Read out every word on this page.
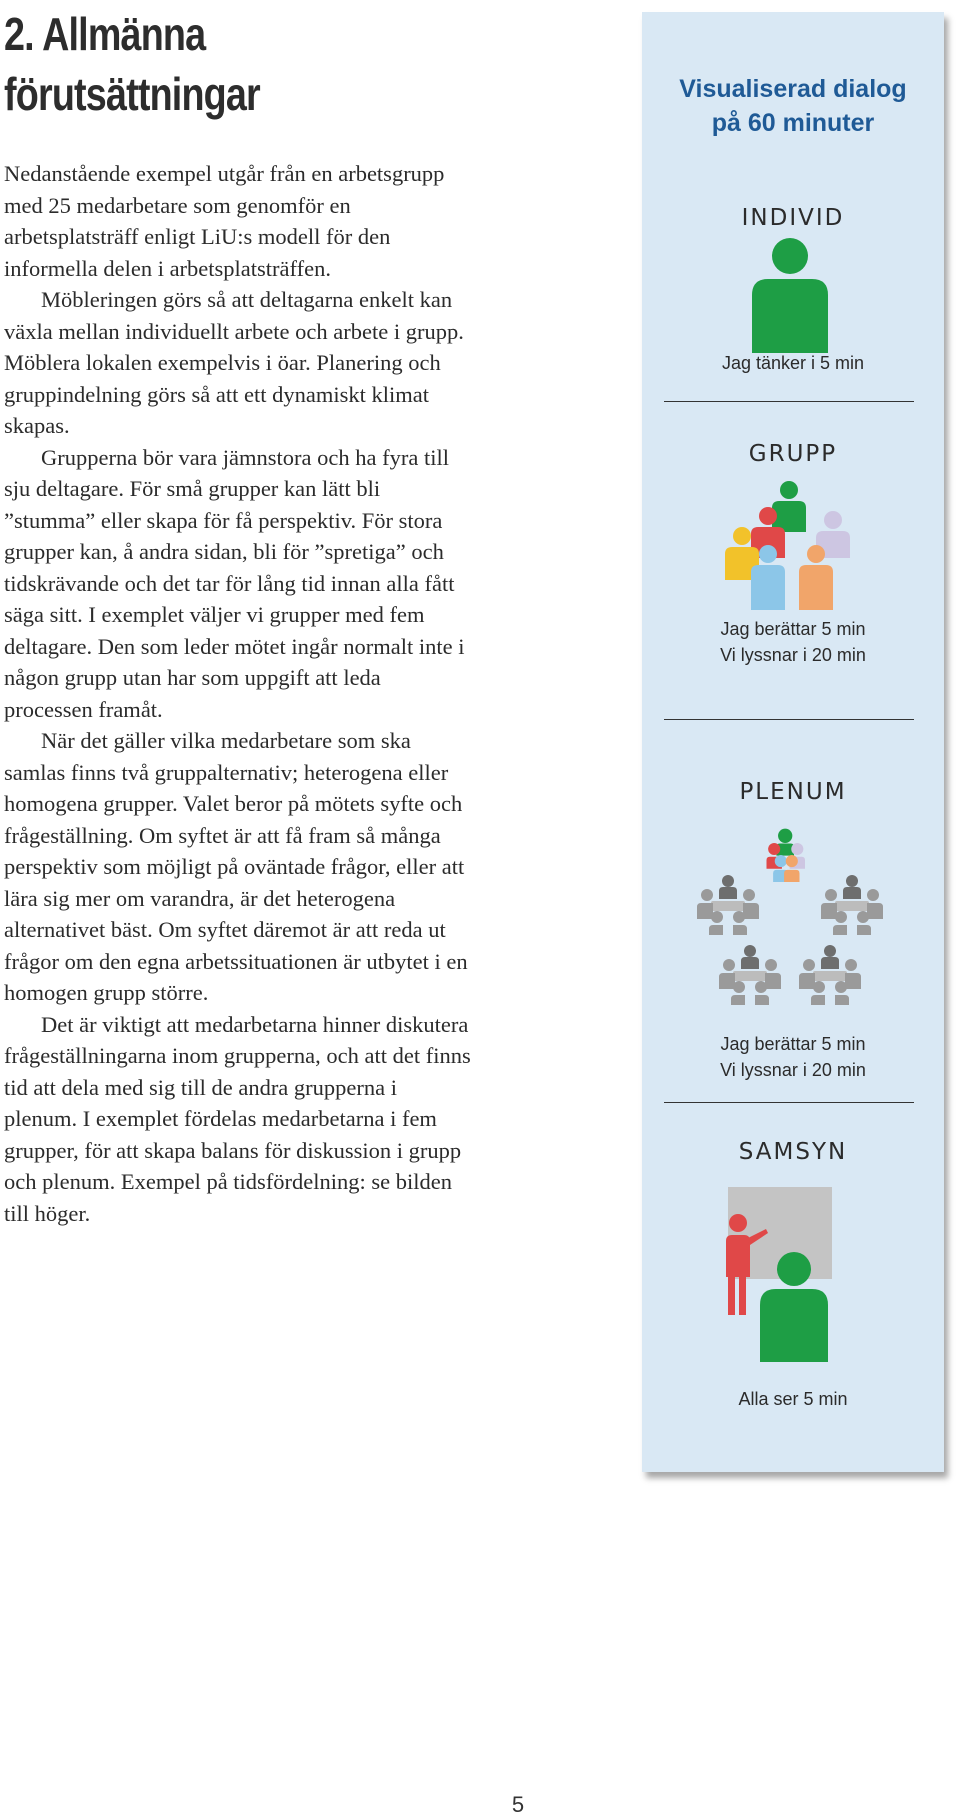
2. Allmänna
förutsättningar

Nedanstående exempel utgår från en arbetsgrupp med 25 medarbetare som genomför en arbetsplatsträff enligt LiU:s modell för den informella delen i arbetsplatsträffen.

Möbleringen görs så att deltagarna enkelt kan växla mellan individuellt arbete och arbete i grupp. Möblera lokalen exempelvis i öar. Planering och gruppindelning görs så att ett dynamiskt klimat skapas.

Grupperna bör vara jämnstora och ha fyra till sju deltagare. För små grupper kan lätt bli ”stumma” eller skapa för få perspektiv. För stora grupper kan, å andra sidan, bli för ”spretiga” och tidskrävande och det tar för lång tid innan alla fått säga sitt. I exemplet väljer vi grupper med fem deltagare. Den som leder mötet ingår normalt inte i någon grupp utan har som uppgift att leda processen framåt.

När det gäller vilka medarbetare som ska samlas finns två gruppalternativ; heterogena eller homogena grupper. Valet beror på mötets syfte och frågeställning. Om syftet är att få fram så många perspektiv som möjligt på oväntade frågor, eller att lära sig mer om varandra, är det heterogena alternativet bäst. Om syftet däremot är att reda ut frågor om den egna arbetssituationen är utbytet i en homogen grupp större.

Det är viktigt att medarbetarna hinner diskutera frågeställningarna inom grupperna, och att det finns tid att dela med sig till de andra grupperna i plenum. I exemplet fördelas medarbetarna i fem grupper, för att skapa balans för diskussion i grupp och plenum. Exempel på tidsfördelning: se bilden till höger.

Visualiserad dialog
på 60 minuter
INDIVID
Jag tänker i 5 min
GRUPP
Jag berättar 5 min
Vi lyssnar i 20 min
PLENUM
Jag berättar 5 min
Vi lyssnar i 20 min
SAMSYN
Alla ser 5 min
5
